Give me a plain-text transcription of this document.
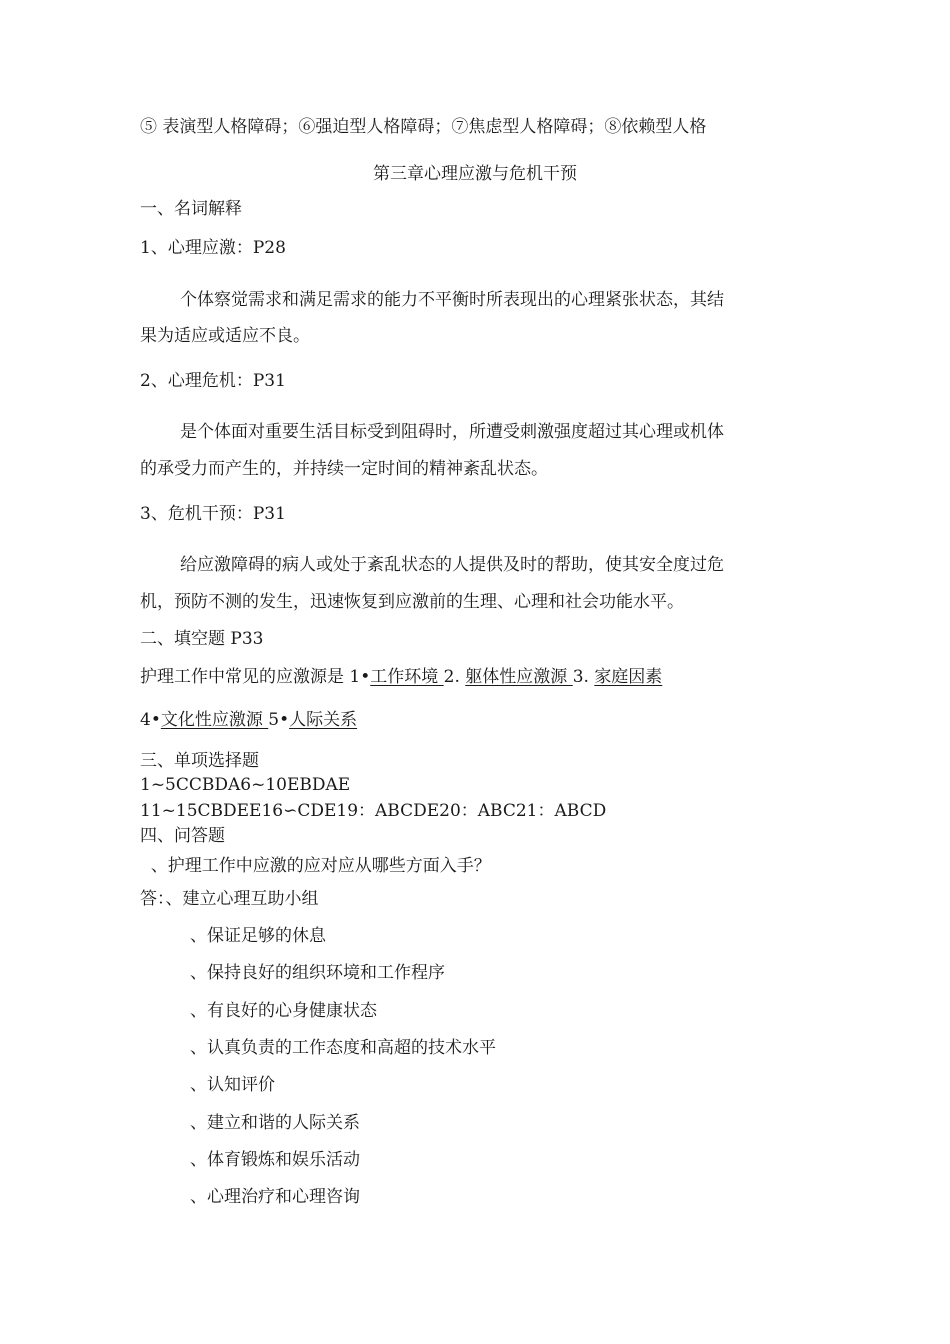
⑤ 表演型人格障碍；⑥强迫型人格障碍；⑦焦虑型人格障碍；⑧依赖型人格
第三章心理应激与危机干预
一、名词解释
1、心理应激：P28
个体察觉需求和满足需求的能力不平衡时所表现出的心理紧张状态，其结
果为适应或适应不良。
2、心理危机：P31
是个体面对重要生活目标受到阻碍时，所遭受刺激强度超过其心理或机体
的承受力而产生的，并持续一定时间的精神紊乱状态。
3、危机干预：P31
给应激障碍的病人或处于紊乱状态的人提供及时的帮助，使其安全度过危
机，预防不测的发生，迅速恢复到应激前的生理、心理和社会功能水平。
二、填空题 P33
护理工作中常见的应激源是 1•工作环境 2. 躯体性应激源 3. 家庭因素
4•文化性应激源 5•人际关系
三、单项选择题
1~5CCBDA6~10EBDAE
11~15CBDEE16∽CDE19：ABCDE20：ABC21：ABCD
四、问答题
、护理工作中应激的应对应从哪些方面入手？
答：、建立心理互助小组
、保证足够的休息
、保持良好的组织环境和工作程序
、有良好的心身健康状态
、认真负责的工作态度和高超的技术水平
、认知评价
、建立和谐的人际关系
、体育锻炼和娱乐活动
、心理治疗和心理咨询
